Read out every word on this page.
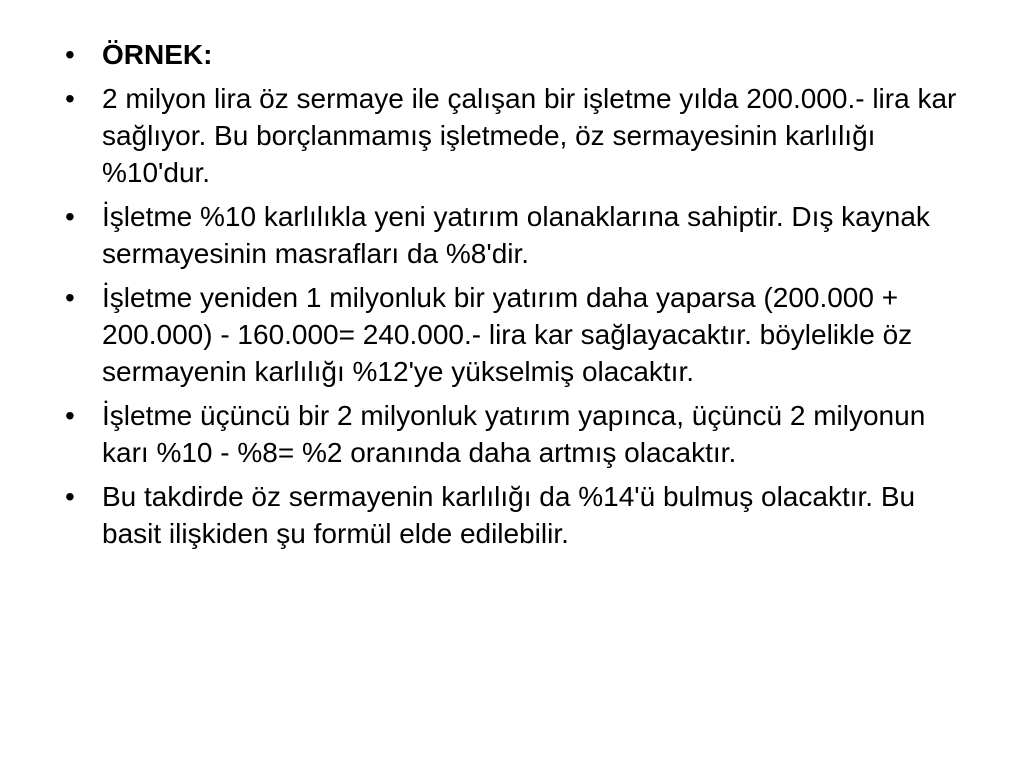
• ÖRNEK:
• 2 milyon lira öz sermaye ile çalışan bir işletme yılda 200.000.- lira kar sağlıyor. Bu borçlanmamış işletmede, öz sermayesinin karlılığı %10'dur.
• İşletme %10 karlılıkla yeni yatırım olanaklarına sahiptir. Dış kaynak sermayesinin masrafları da %8'dir.
• İşletme yeniden 1 milyonluk bir yatırım daha yaparsa (200.000 + 200.000) - 160.000= 240.000.- lira kar sağlayacaktır. böylelikle öz sermayenin karlılığı %12'ye yükselmiş olacaktır.
• İşletme üçüncü bir 2 milyonluk yatırım yapınca, üçüncü 2 milyonun karı %10 - %8= %2 oranında daha artmış olacaktır.
• Bu takdirde öz sermayenin karlılığı da %14'ü bulmuş olacaktır. Bu basit ilişkiden şu formül elde edilebilir.
